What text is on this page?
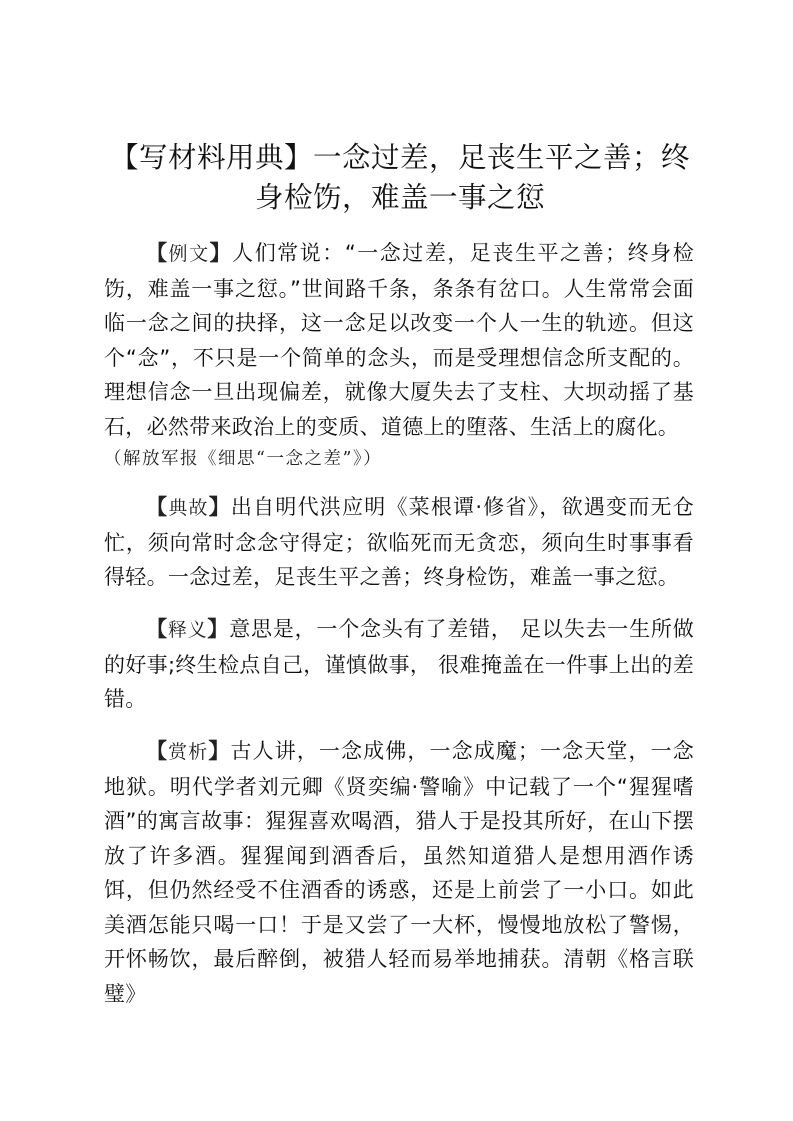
【写材料用典】一念过差，足丧生平之善；终身检饬，难盖一事之愆

【例文】人们常说：“一念过差，足丧生平之善；终身检饬，难盖一事之愆。”世间路千条，条条有岔口。人生常常会面临一念之间的抉择，这一念足以改变一个人一生的轨迹。但这个“念”，不只是一个简单的念头，而是受理想信念所支配的。理想信念一旦出现偏差，就像大厦失去了支柱、大坝动摇了基石，必然带来政治上的变质、道德上的堕落、生活上的腐化。
（解放军报《细思“一念之差”》）

【典故】出自明代洪应明《菜根谭·修省》，欲遇变而无仓忙，须向常时念念守得定；欲临死而无贪恋，须向生时事事看得轻。一念过差，足丧生平之善；终身检饬，难盖一事之愆。

【释义】意思是，一个念头有了差错， 足以失去一生所做的好事;终生检点自己，谨慎做事， 很难掩盖在一件事上出的差错。

【赏析】古人讲，一念成佛，一念成魔；一念天堂，一念地狱。明代学者刘元卿《贤奕编·警喻》中记载了一个“猩猩嗜酒”的寓言故事：猩猩喜欢喝酒，猎人于是投其所好，在山下摆放了许多酒。猩猩闻到酒香后，虽然知道猎人是想用酒作诱饵，但仍然经受不住酒香的诱惑，还是上前尝了一小口。如此美酒怎能只喝一口！于是又尝了一大杯，慢慢地放松了警惕，开怀畅饮，最后醉倒，被猎人轻而易举地捕获。清朝《格言联璧》
